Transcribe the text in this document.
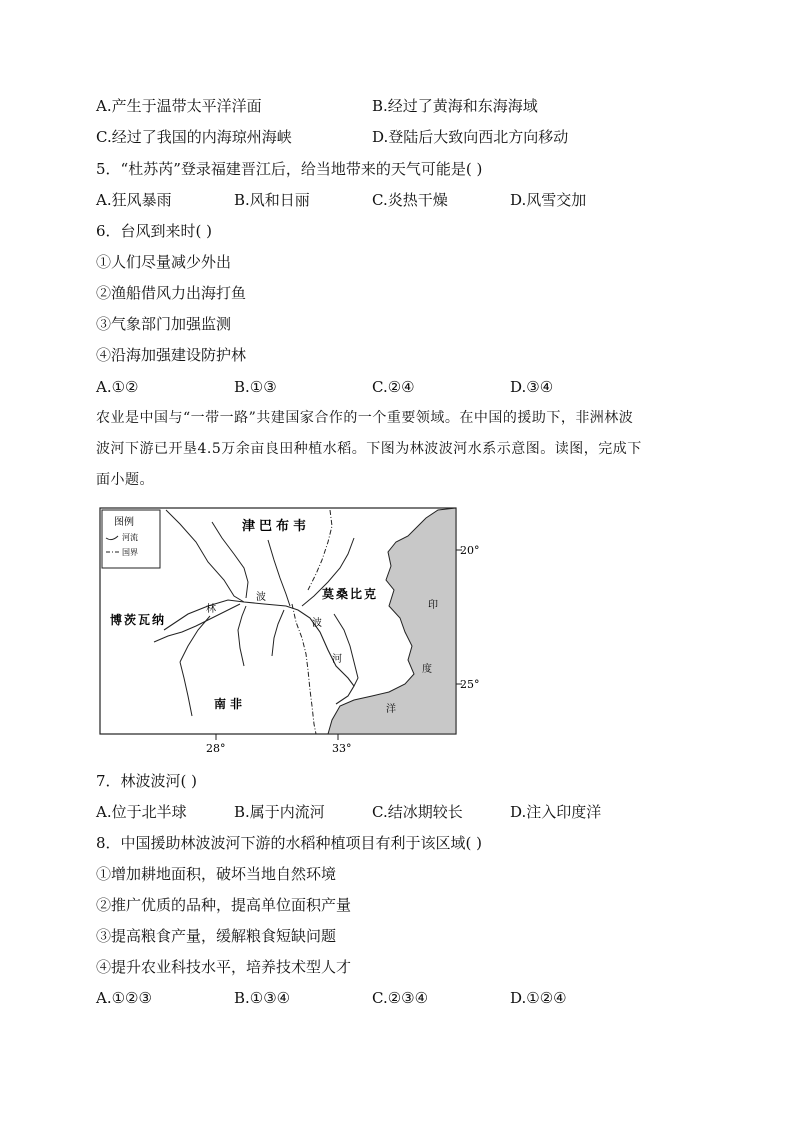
A.产生于温带太平洋洋面	B.经过了黄海和东海海域
C.经过了我国的内海琼州海峡	D.登陆后大致向西北方向移动
5．“杜苏芮”登录福建晋江后，给当地带来的天气可能是( )
A.狂风暴雨	B.风和日丽	C.炎热干燥	D.风雪交加
6．台风到来时( )
①人们尽量减少外出
②渔船借风力出海打鱼
③气象部门加强监测
④沿海加强建设防护林
A.①②	B.①③	C.②④	D.③④
农业是中国与“一带一路”共建国家合作的一个重要领域。在中国的援助下，非洲林波
波河下游已开垦4.5万余亩良田种植水稻。下图为林波波河水系示意图。读图，完成下
面小题。
图例
河流
国界
津巴布韦
莫桑比克
博茨瓦纳
南非
林
波
波
河
印
度
洋
20°
25°
28°	33°
7．林波波河( )
A.位于北半球	B.属于内流河	C.结冰期较长	D.注入印度洋
8．中国援助林波波河下游的水稻种植项目有利于该区域( )
①增加耕地面积，破坏当地自然环境
②推广优质的品种，提高单位面积产量
③提高粮食产量，缓解粮食短缺问题
④提升农业科技水平，培养技术型人才
A.①②③	B.①③④	C.②③④	D.①②④
